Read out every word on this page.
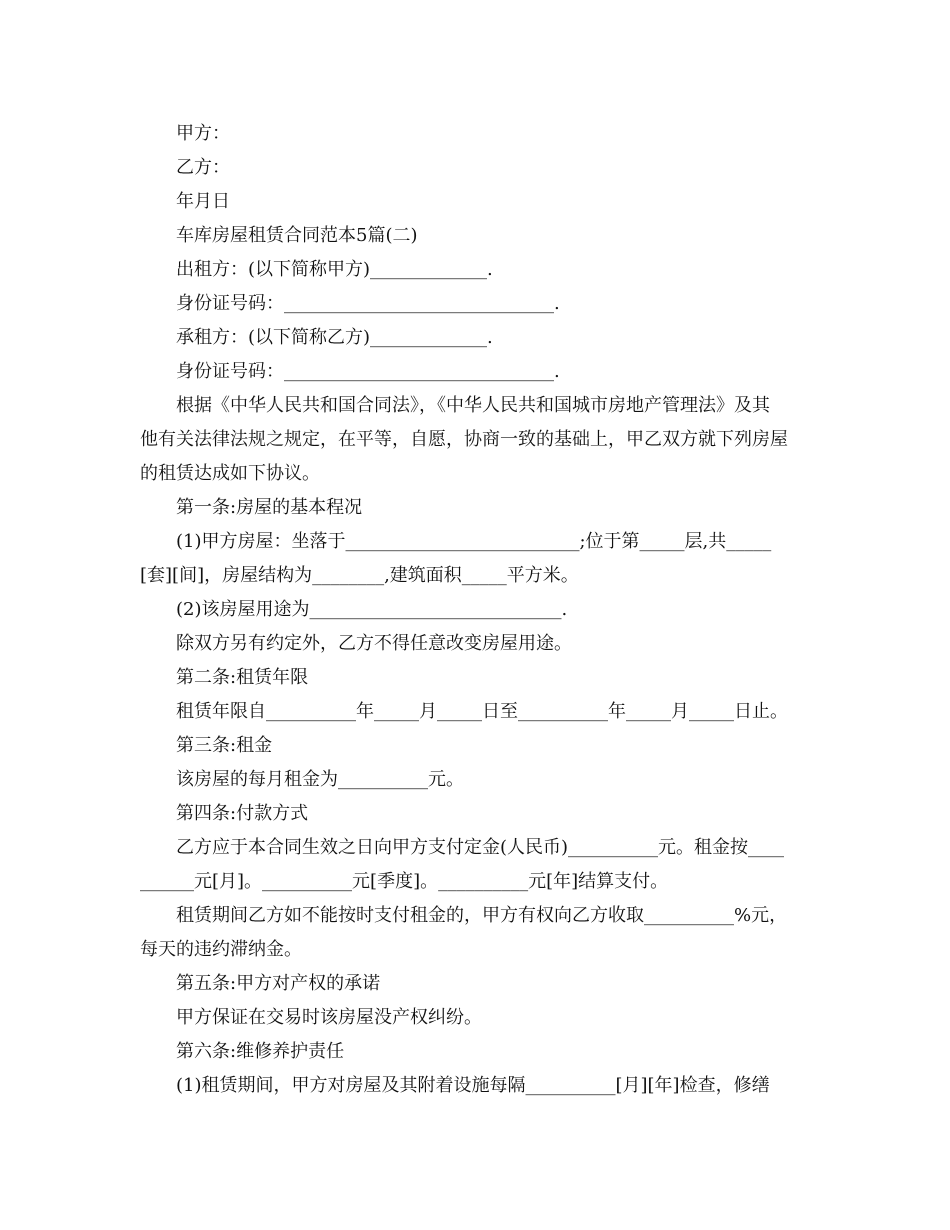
甲方：
乙方：
年月日
车库房屋租赁合同范本5篇(二)
出租方：(以下简称甲方)_____________.
身份证号码：______________________________.
承租方：(以下简称乙方)_____________.
身份证号码：______________________________.
根据《中华人民共和国合同法》，《中华人民共和国城市房地产管理法》及其
他有关法律法规之规定，在平等，自愿，协商一致的基础上，甲乙双方就下列房屋
的租赁达成如下协议。
第一条:房屋的基本程况
(1)甲方房屋：坐落于__________________________;位于第_____层,共_____
[套][间]，房屋结构为________,建筑面积_____平方米。
(2)该房屋用途为____________________________.
除双方另有约定外，乙方不得任意改变房屋用途。
第二条:租赁年限
租赁年限自__________年_____月_____日至__________年_____月_____日止。
第三条:租金
该房屋的每月租金为__________元。
第四条:付款方式
乙方应于本合同生效之日向甲方支付定金(人民币)__________元。租金按____
______元[月]。__________元[季度]。__________元[年]结算支付。
租赁期间乙方如不能按时支付租金的，甲方有权向乙方收取__________%元，
每天的违约滞纳金。
第五条:甲方对产权的承诺
甲方保证在交易时该房屋没产权纠纷。
第六条:维修养护责任
(1)租赁期间，甲方对房屋及其附着设施每隔__________[月][年]检查，修缮
